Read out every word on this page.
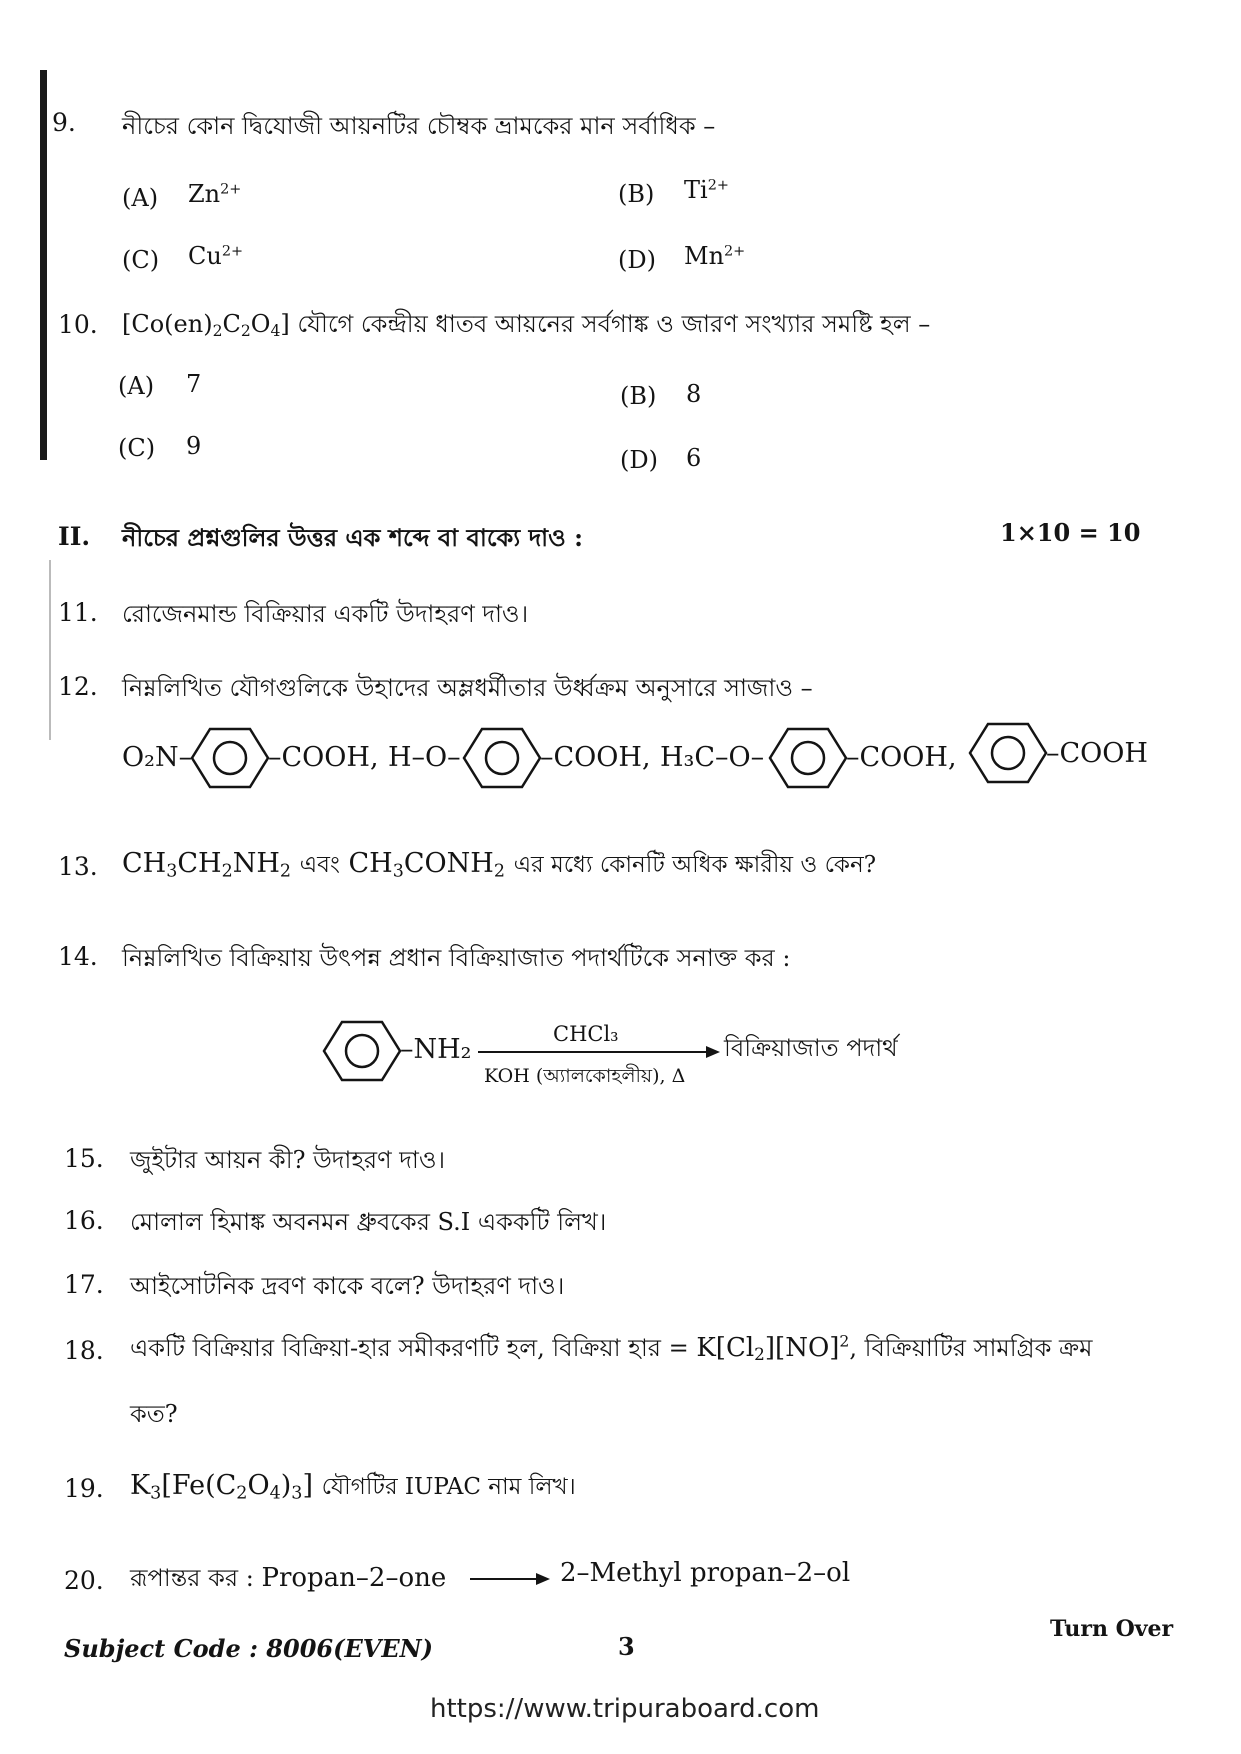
9. নীচের কোন দ্বিযোজী আয়নটির চৌম্বক ভ্রামকের মান সর্বাধিক –
(A) $Zn^{2+}$	(B) $Ti^{2+}$
(C) $Cu^{2+}$	(D) $Mn^{2+}$
10. $[Co(en)_2C_2O_4]$ যৌগে কেন্দ্রীয় ধাতব আয়নের সর্বগাঙ্ক ও জারণ সংখ্যার সমষ্টি হল –
(A) 7	(B) 8
(C) 9	(D) 6
II. নীচের প্রশ্নগুলির উত্তর এক শব্দে বা বাক্যে দাও :	1×10 = 10
11. রোজেনমান্ড বিক্রিয়ার একটি উদাহরণ দাও।
12. নিম্নলিখিত যৌগগুলিকে উহাদের অম্লধর্মীতার উর্ধ্বক্রম অনুসারে সাজাও –
O₂N–	–COOH, H–O–	–COOH, H₃C–O–	–COOH,	–COOH
13. $CH_3CH_2NH_2$ এবং $CH_3CONH_2$ এর মধ্যে কোনটি অধিক ক্ষারীয় ও কেন?
14. নিম্নলিখিত বিক্রিয়ায় উৎপন্ন প্রধান বিক্রিয়াজাত পদার্থটিকে সনাক্ত কর :
–NH₂	CHCl₃
KOH (অ্যালকোহলীয়), Δ
বিক্রিয়াজাত পদার্থ
15. জুইটার আয়ন কী? উদাহরণ দাও।
16. মোলাল হিমাঙ্ক অবনমন ধ্রুবকের S.I এককটি লিখ।
17. আইসোটনিক দ্রবণ কাকে বলে? উদাহরণ দাও।
18. একটি বিক্রিয়ার বিক্রিয়া-হার সমীকরণটি হল, বিক্রিয়া হার = $K[Cl_2][NO]^2$, বিক্রিয়াটির সামগ্রিক ক্রম
কত?
19. $K_3[Fe(C_2O_4)_3]$ যৌগটির IUPAC নাম লিখ।
20. রূপান্তর কর : Propan–2–one	2–Methyl propan–2–ol
Subject Code : 8006(EVEN)	3
Turn Over
https://www.tripuraboard.com
